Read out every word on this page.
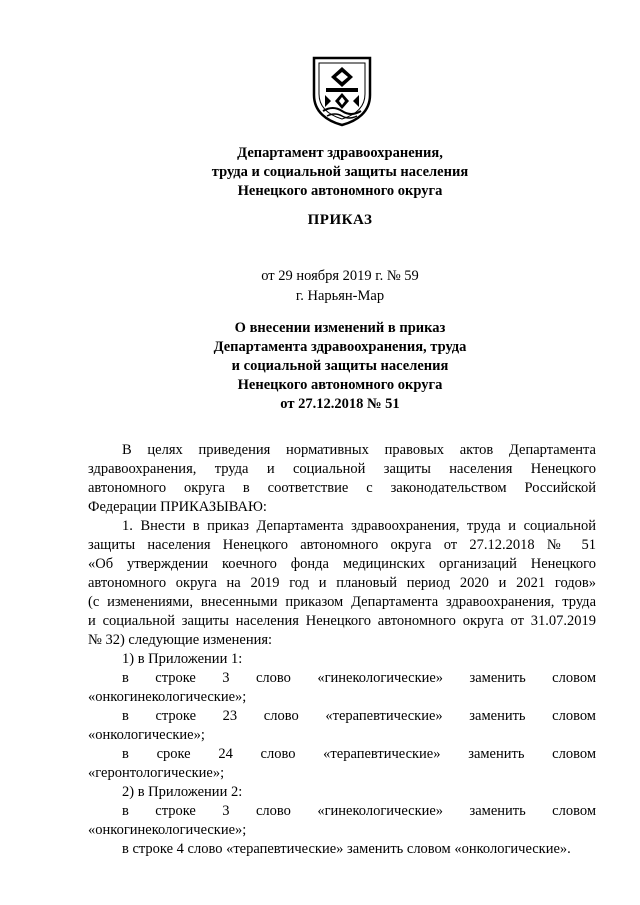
Департамент здравоохранения,
труда и социальной защиты населения
Ненецкого автономного округа
ПРИКАЗ
от 29 ноября 2019 г. № 59
г. Нарьян-Мар
О внесении изменений в приказ
Департамента здравоохранения, труда
и социальной защиты населения
Ненецкого автономного округа
от 27.12.2018 № 51
В целях приведения нормативных правовых актов Департамента
здравоохранения, труда и социальной защиты населения Ненецкого
автономного округа в соответствие с законодательством Российской
Федерации ПРИКАЗЫВАЮ:
1. Внести в приказ Департамента здравоохранения, труда и социальной
защиты населения Ненецкого автономного округа от 27.12.2018 № 51
«Об утверждении коечного фонда медицинских организаций Ненецкого
автономного округа на 2019 год и плановый период 2020 и 2021 годов»
(с изменениями, внесенными приказом Департамента здравоохранения, труда
и социальной защиты населения Ненецкого автономного округа от 31.07.2019
№ 32) следующие изменения:
1) в Приложении 1:
в строке 3 слово «гинекологические» заменить словом
«онкогинекологические»;
в строке 23 слово «терапевтические» заменить словом
«онкологические»;
в сроке 24 слово «терапевтические» заменить словом
«геронтологические»;
2) в Приложении 2:
в строке 3 слово «гинекологические» заменить словом
«онкогинекологические»;
в строке 4 слово «терапевтические» заменить словом «онкологические».
